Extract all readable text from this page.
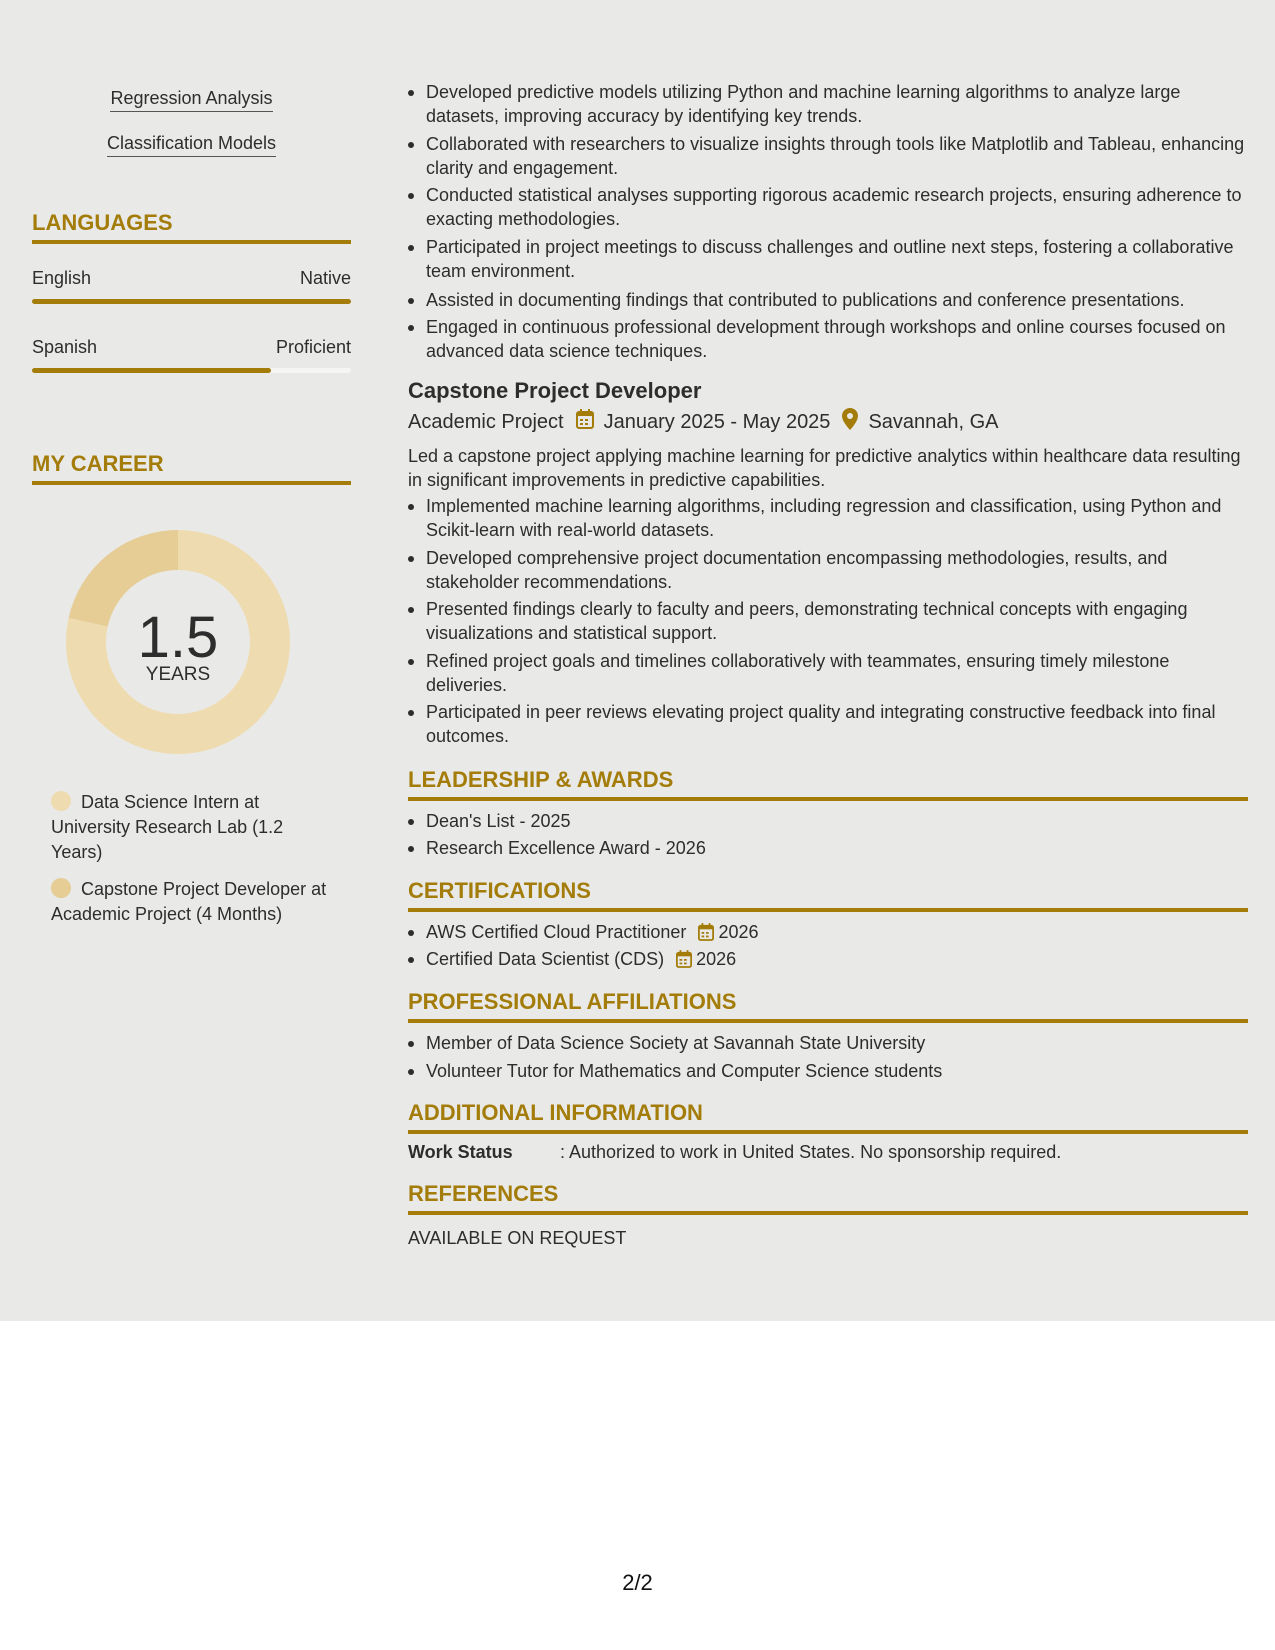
Regression Analysis
Classification Models
LANGUAGES
English	Native
Spanish	Proficient
MY CAREER
1.5
YEARS
Data Science Intern at University Research Lab (1.2 Years)
Capstone Project Developer at Academic Project (4 Months)
Developed predictive models utilizing Python and machine learning algorithms to analyze large datasets, improving accuracy by identifying key trends.
Collaborated with researchers to visualize insights through tools like Matplotlib and Tableau, enhancing clarity and engagement.
Conducted statistical analyses supporting rigorous academic research projects, ensuring adherence to exacting methodologies.
Participated in project meetings to discuss challenges and outline next steps, fostering a collaborative team environment.
Assisted in documenting findings that contributed to publications and conference presentations.
Engaged in continuous professional development through workshops and online courses focused on advanced data science techniques.
Capstone Project Developer
Academic Project January 2025 - May 2025 Savannah, GA
Led a capstone project applying machine learning for predictive analytics within healthcare data resulting in significant improvements in predictive capabilities.
Implemented machine learning algorithms, including regression and classification, using Python and Scikit-learn with real-world datasets.
Developed comprehensive project documentation encompassing methodologies, results, and stakeholder recommendations.
Presented findings clearly to faculty and peers, demonstrating technical concepts with engaging visualizations and statistical support.
Refined project goals and timelines collaboratively with teammates, ensuring timely milestone deliveries.
Participated in peer reviews elevating project quality and integrating constructive feedback into final outcomes.
LEADERSHIP & AWARDS
Dean's List - 2025
Research Excellence Award - 2026
CERTIFICATIONS
AWS Certified Cloud Practitioner 2026
Certified Data Scientist (CDS) 2026
PROFESSIONAL AFFILIATIONS
Member of Data Science Society at Savannah State University
Volunteer Tutor for Mathematics and Computer Science students
ADDITIONAL INFORMATION
Work Status	: Authorized to work in United States. No sponsorship required.
REFERENCES
AVAILABLE ON REQUEST
2/2
